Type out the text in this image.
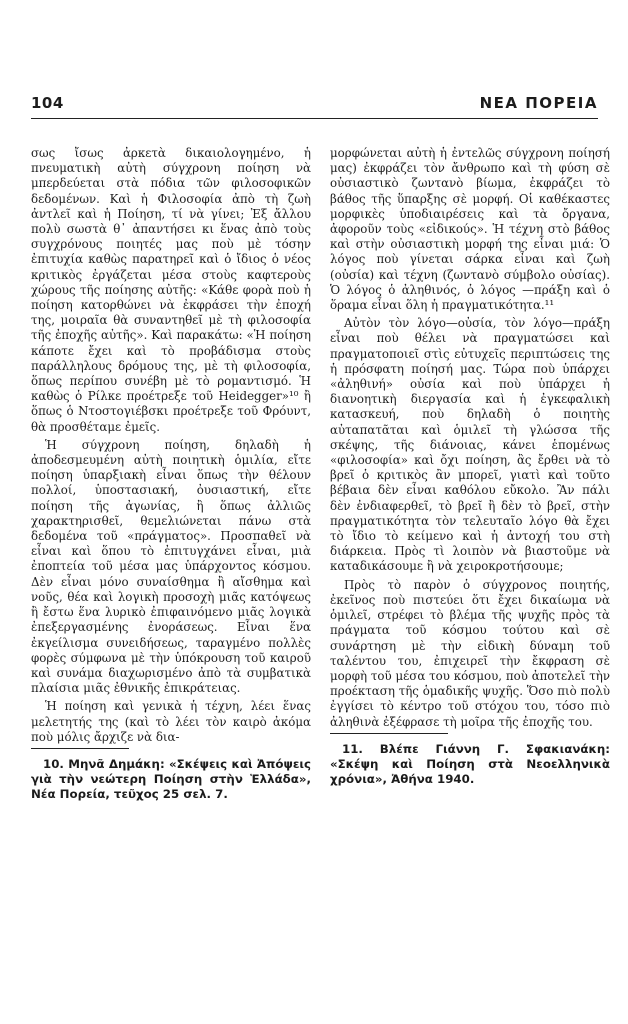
104	ΝΕΑ ΠΟΡΕΙΑ

σως ἴσως ἀρκετὰ δικαιολογημένο, ἡ πνευματικὴ αὐτὴ σύγχρονη ποίηση νὰ μπερδεύεται στὰ πόδια τῶν φιλοσοφικῶν δεδομένων. Καὶ ἡ Φιλοσοφία ἀπὸ τὴ ζωὴ ἀντλεῖ καὶ ἡ Ποίηση, τί νὰ γίνει; Ἐξ ἄλλου πολὺ σωστὰ θ᾽ ἀπαντήσει κι ἕνας ἀπὸ τοὺς συγχρόνους ποιητές μας ποὺ μὲ τόσην ἐπιτυχία καθὼς παρατηρεῖ καὶ ὁ ἴδιος ὁ νέος κριτικὸς ἐργάζεται μέσα στοὺς καφτεροὺς χώρους τῆς ποίησης αὐτῆς: «Κάθε φορὰ ποὺ ἡ ποίηση κατορθώνει νὰ ἐκφράσει τὴν ἐποχή της, μοιραῖα θὰ συναντηθεῖ μὲ τὴ φιλοσοφία τῆς ἐποχῆς αὐτῆς». Καὶ παρακάτω: «Ἡ ποίηση κάποτε ἔχει καὶ τὸ προβάδισμα στοὺς παράλληλους δρόμους της, μὲ τὴ φιλοσοφία, ὅπως περίπου συνέβη μὲ τὸ ρομαντισμό. Ἡ καθὼς ὁ Ρίλκε προέτρεξε τοῦ Heidegger»¹⁰ ἢ ὅπως ὁ Ντοστογιέβσκι προέτρεξε τοῦ Φρόυντ, θὰ προσθέταμε ἐμεῖς.

Ἡ σύγχρονη ποίηση, δηλαδὴ ἡ ἀποδεσμευμένη αὐτὴ ποιητικὴ ὁμιλία, εἴτε ποίηση ὑπαρξιακὴ εἶναι ὅπως τὴν θέλουν πολλοί, ὑποστασιακή, ὀυσιαστική, εἴτε ποίηση τῆς ἀγωνίας, ἢ ὅπως ἀλλιῶς χαρακτηρισθεῖ, θεμελιώνεται πάνω στὰ δεδομένα τοῦ «πράγματος». Προσπαθεῖ νὰ εἶναι καὶ ὅπου τὸ ἐπιτυγχάνει εἶναι, μιὰ ἐποπτεία τοῦ μέσα μας ὑπάρχοντος κόσμου. Δὲν εἶναι μόνο συναίσθημα ἢ αἴσθημα καὶ νοῦς, θέα καὶ λογικὴ προσοχὴ μιᾶς κατόψεως ἢ ἔστω ἕνα λυρικὸ ἐπιφαινόμενο μιᾶς λογικὰ ἐπεξεργασμένης ἐνοράσεως. Εἶναι ἕνα ἐκγείλισμα συνειδήσεως, ταραγμένο πολλὲς φορὲς σύμφωνα μὲ τὴν ὑπόκρουση τοῦ καιροῦ καὶ συνάμα διαχωρισμένο ἀπὸ τὰ συμβατικὰ πλαίσια μιᾶς ἐθνικῆς ἐπικράτειας.

Ἡ ποίηση καὶ γενικὰ ἡ τέχνη, λέει ἕνας μελετητής της (καὶ τὸ λέει τὸν καιρὸ ἀκόμα ποὺ μόλις ἄρχιζε νὰ δια-

10. Μηνᾶ Δημάκη: «Σκέψεις καὶ Ἀπόψεις γιὰ τὴν νεώτερη Ποίηση στὴν Ἑλλάδα», Νέα Πορεία, τεῦχος 25 σελ. 7.

μορφώνεται αὐτὴ ἡ ἐντελῶς σύγχρονη ποίησή μας) ἐκφράζει τὸν ἄνθρωπο καὶ τὴ φύση σὲ οὐσιαστικὸ ζωντανὸ βίωμα, ἐκφράζει τὸ βάθος τῆς ὕπαρξης σὲ μορφή. Οἱ καθέκαστες μορφικὲς ὑποδιαιρέσεις καὶ τὰ ὄργανα, ἀφοροῦν τοὺς «εἰδικούς». Ἡ τέχνη στὸ βάθος καὶ στὴν οὐσιαστικὴ μορφή της εἶναι μιά: Ὁ λόγος ποὺ γίνεται σάρκα εἶναι καὶ ζωὴ (οὐσία) καὶ τέχνη (ζωντανὸ σύμβολο οὐσίας). Ὁ λόγος ὁ ἀληθινός, ὁ λόγος —πράξη καὶ ὁ ὅραμα εἶναι ὅλη ἡ πραγματικότητα.¹¹

Αὐτὸν τὸν λόγο—οὐσία, τὸν λόγο—πράξη εἶναι ποὺ θέλει νὰ πραγματώσει καὶ πραγματοποιεῖ στὶς εὐτυχεῖς περιπτώσεις της ἡ πρόσφατη ποίησή μας. Τώρα ποὺ ὑπάρχει «ἀληθινή» οὐσία καὶ ποὺ ὑπάρχει ἡ διανοητικὴ διεργασία καὶ ἡ ἐγκεφαλικὴ κατασκευή, ποὺ δηλαδὴ ὁ ποιητὴς αὐταπατᾶται καὶ ὁμιλεῖ τὴ γλώσσα τῆς σκέψης, τῆς διάνοιας, κάνει ἑπομένως «φιλοσοφία» καὶ ὄχι ποίηση, ἂς ἔρθει νὰ τὸ βρεῖ ὁ κριτικὸς ἂν μπορεῖ, γιατὶ καὶ τοῦτο βέβαια δὲν εἶναι καθόλου εὔκολο. Ἂν πάλι δὲν ἐνδιαφερθεῖ, τὸ βρεῖ ἢ δὲν τὸ βρεῖ, στὴν πραγματικότητα τὸν τελευταῖο λόγο θὰ ἔχει τὸ ἴδιο τὸ κείμενο καὶ ἡ ἀντοχή του στὴ διάρκεια. Πρὸς τὶ λοιπὸν νὰ βιαστοῦμε νὰ καταδικάσουμε ἢ νὰ χειροκροτήσουμε;

Πρὸς τὸ παρὸν ὁ σύγχρονος ποιητής, ἐκεῖνος ποὺ πιστεύει ὅτι ἔχει δικαίωμα νὰ ὁμιλεῖ, στρέφει τὸ βλέμα τῆς ψυχῆς πρὸς τὰ πράγματα τοῦ κόσμου τούτου καὶ σὲ συνάρτηση μὲ τὴν εἰδικὴ δύναμη τοῦ ταλέντου του, ἐπιχειρεῖ τὴν ἔκφραση σὲ μορφὴ τοῦ μέσα του κόσμου, ποὺ ἀποτελεῖ τὴν προέκταση τῆς ὁμαδικῆς ψυχῆς. Ὅσο πιὸ πολὺ ἐγγίσει τὸ κέντρο τοῦ στόχου του, τόσο πιὸ ἀληθινὰ ἐξέφρασε τὴ μοῖρα τῆς ἐποχῆς του.

11. Βλέπε Γιάννη Γ. Σφακιανάκη: «Σκέψη καὶ Ποίηση στὰ Νεοελληνικὰ χρόνια», Ἀθήνα 1940.
